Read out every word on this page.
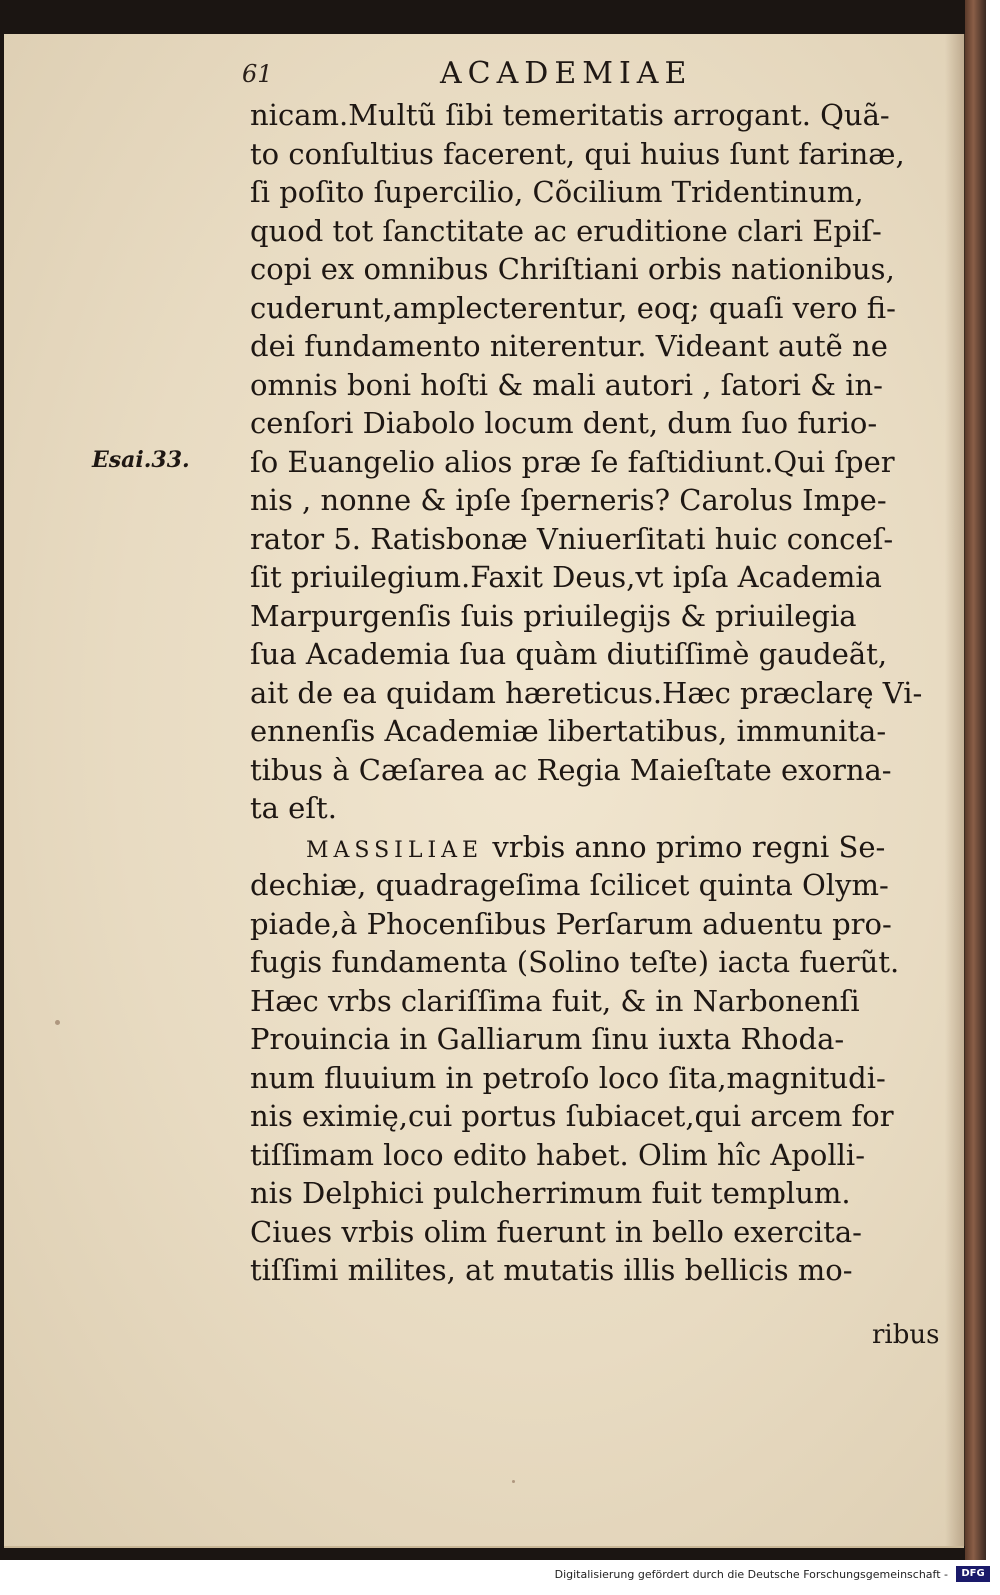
61	ACADEMIAE
Esai.33.
nicam.Multũ ſibi temeritatis arrogant. Quã-
to conſultius facerent, qui huius ſunt farinæ,
ſi poſito ſupercilio, Cõcilium Tridentinum,
quod tot ſanctitate ac eruditione clari Epiſ-
copi ex omnibus Chriſtiani orbis nationibus,
cuderunt,amplecterentur, eoq; quaſi vero fi-
dei fundamento niterentur. Videant autẽ ne
omnis boni hoſti & mali autori , ſatori & in-
cenſori Diabolo locum dent, dum ſuo furio-
ſo Euangelio alios præ ſe faſtidiunt.Qui ſper
nis , nonne & ipſe ſperneris? Carolus Impe-
rator 5. Ratisbonæ Vniuerſitati huic conceſ-
ſit priuilegium.Faxit Deus,vt ipſa Academia
Marpurgenſis ſuis priuilegijs & priuilegia
ſua Academia ſua quàm diutiſſimè gaudeãt,
ait de ea quidam hæreticus.Hæc præclarę Vi-
ennenſis Academiæ libertatibus, immunita-
tibus à Cæſarea ac Regia Maieſtate exorna-
ta eſt.
MASSILIAE vrbis anno primo regni Se-
dechiæ, quadrageſima ſcilicet quinta Olym-
piade,à Phocenſibus Perſarum aduentu pro-
fugis fundamenta (Solino teſte) iacta fuerũt.
Hæc vrbs clariſſima fuit, & in Narbonenſi
Prouincia in Galliarum ſinu iuxta Rhoda-
num fluuium in petroſo loco ſita,magnitudi-
nis eximię,cui portus ſubiacet,qui arcem for
tiſſimam loco edito habet. Olim hîc Apolli-
nis Delphici pulcherrimum fuit templum.
Ciues vrbis olim fuerunt in bello exercita-
tiſſimi milites, at mutatis illis bellicis mo-
ribus
Digitalisierung gefördert durch die Deutsche Forschungsgemeinschaft -	DFG
